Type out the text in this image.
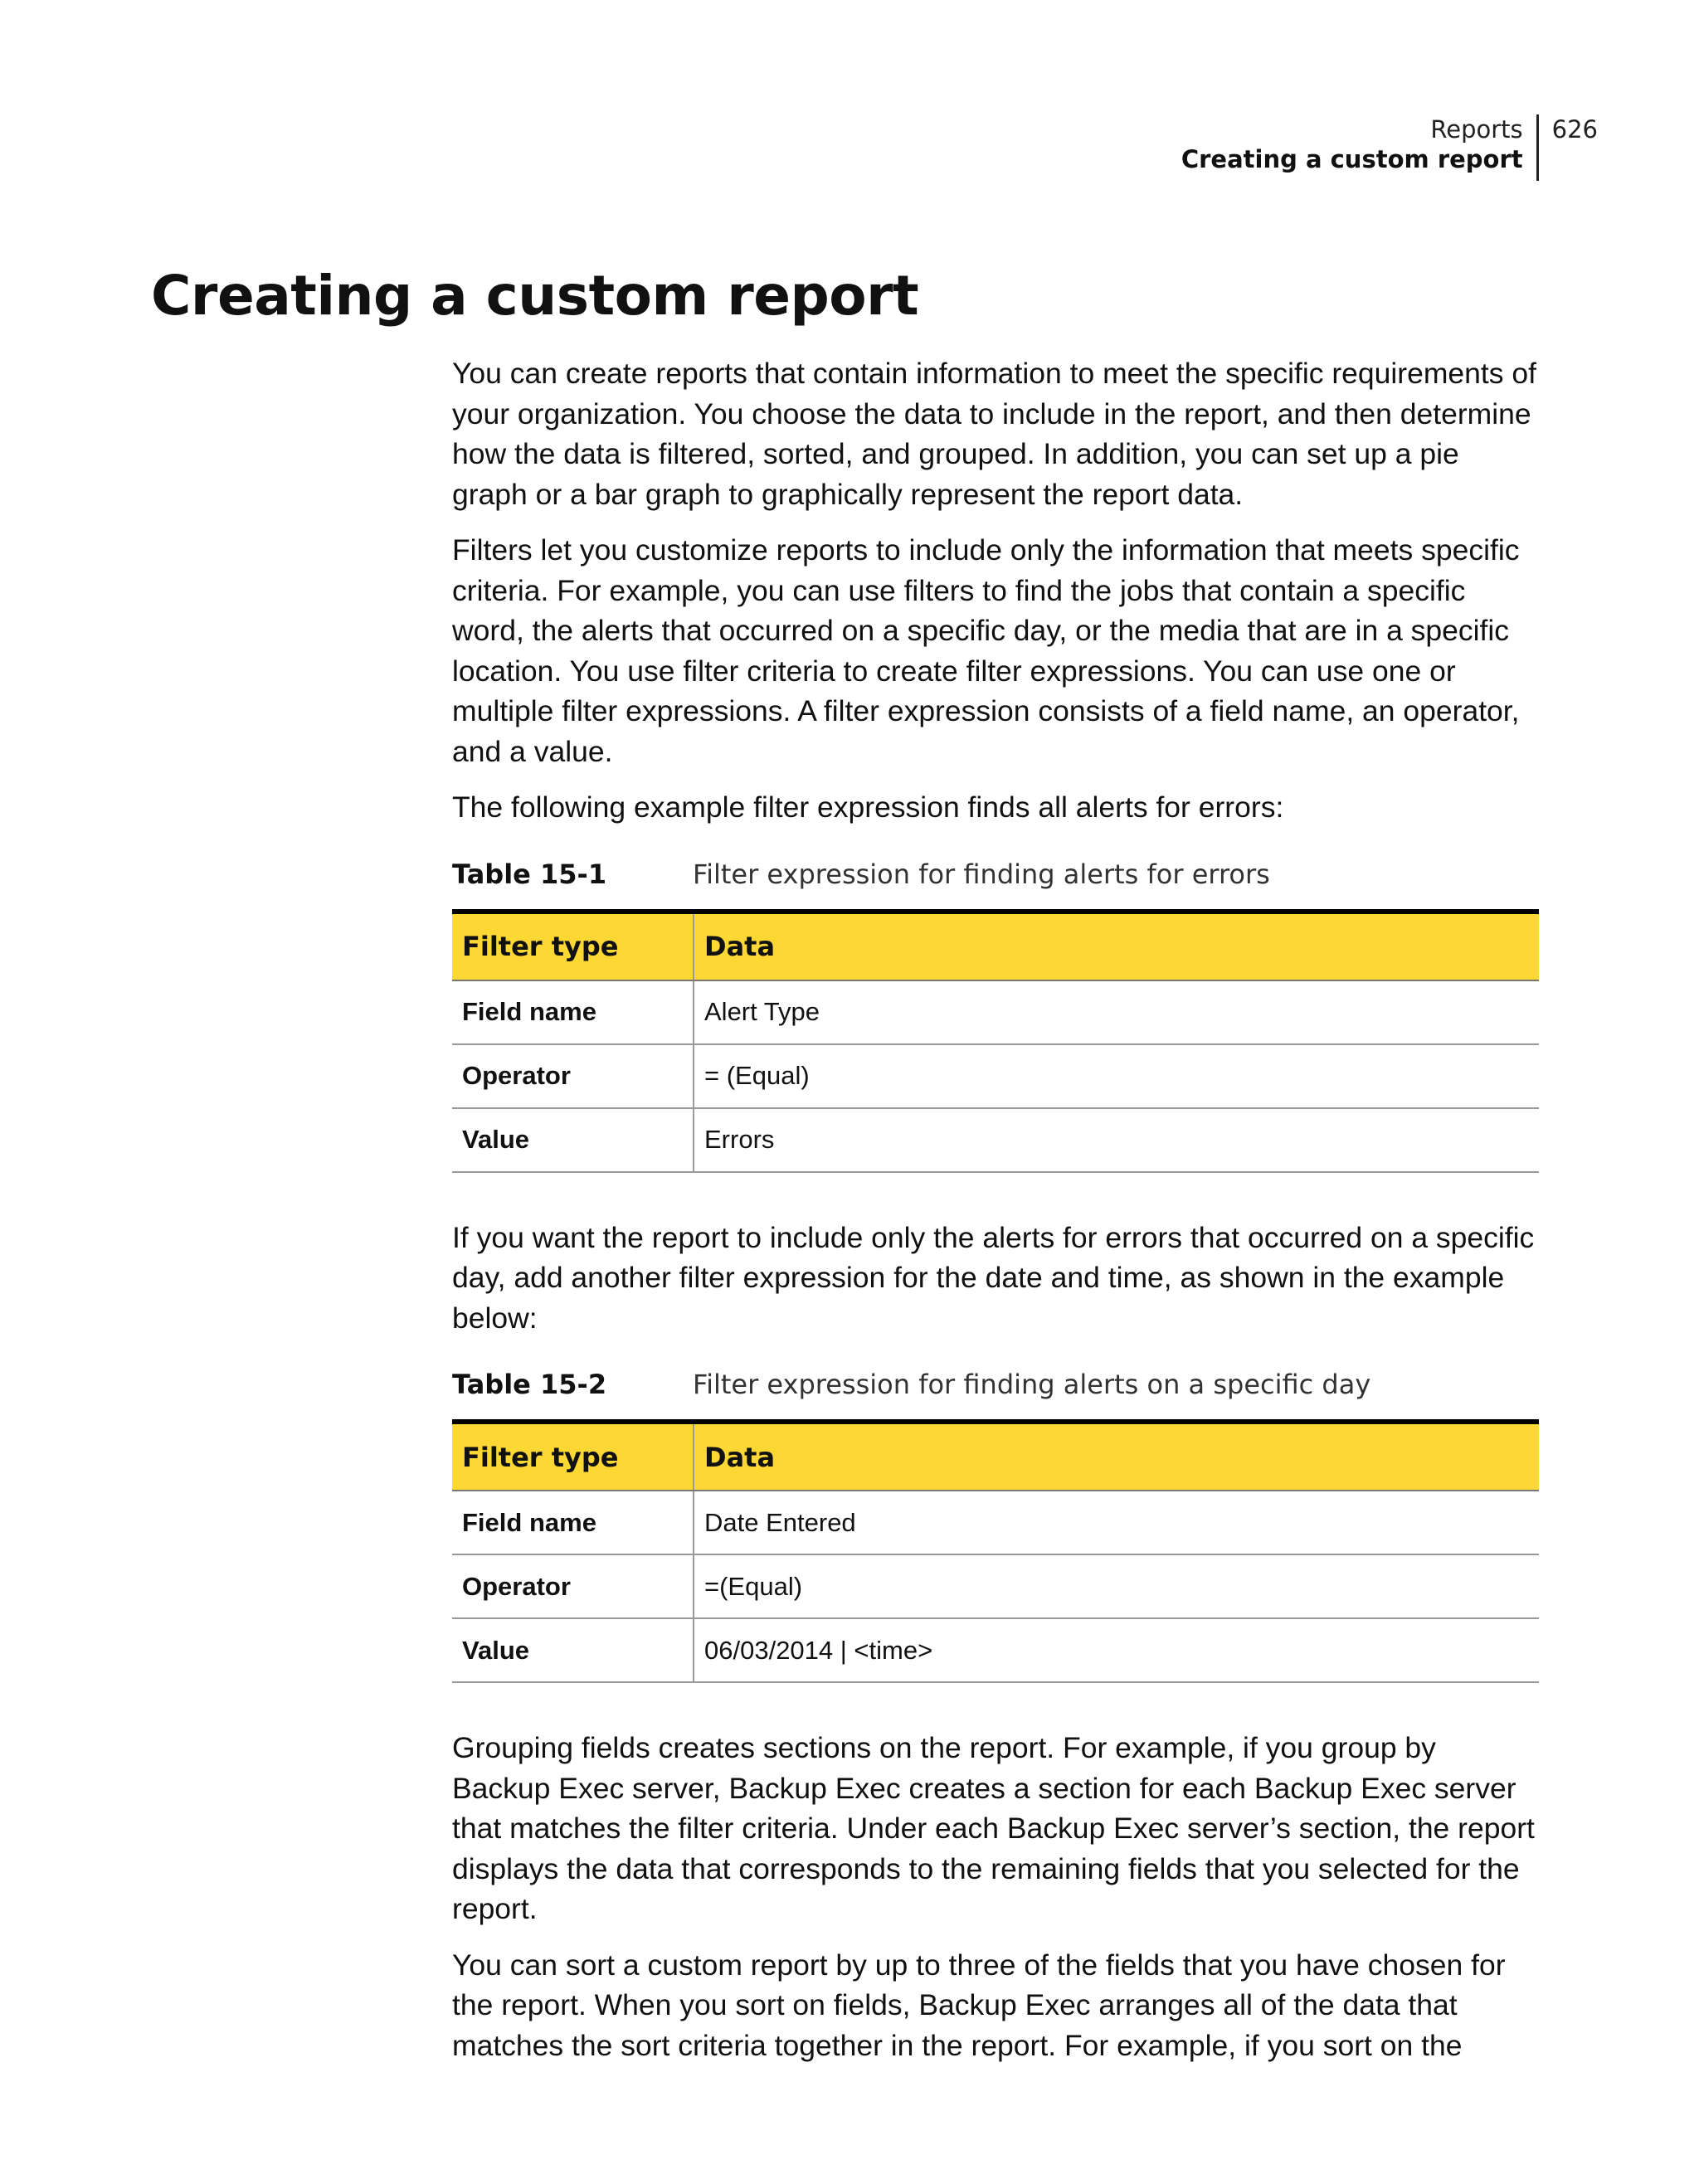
Reports
Creating a custom report
626
Creating a custom report

You can create reports that contain information to meet the specific requirements of your organization. You choose the data to include in the report, and then determine how the data is filtered, sorted, and grouped. In addition, you can set up a pie graph or a bar graph to graphically represent the report data.

Filters let you customize reports to include only the information that meets specific criteria. For example, you can use filters to find the jobs that contain a specific word, the alerts that occurred on a specific day, or the media that are in a specific location. You use filter criteria to create filter expressions. You can use one or multiple filter expressions. A filter expression consists of a field name, an operator, and a value.

The following example filter expression finds all alerts for errors:

Table 15-1	Filter expression for finding alerts for errors
Filter type	Data
Field name	Alert Type
Operator	= (Equal)
Value	Errors

If you want the report to include only the alerts for errors that occurred on a specific day, add another filter expression for the date and time, as shown in the example below:

Table 15-2	Filter expression for finding alerts on a specific day
Filter type	Data
Field name	Date Entered
Operator	=(Equal)
Value	06/03/2014 | <time>

Grouping fields creates sections on the report. For example, if you group by Backup Exec server, Backup Exec creates a section for each Backup Exec server that matches the filter criteria. Under each Backup Exec server’s section, the report displays the data that corresponds to the remaining fields that you selected for the report.

You can sort a custom report by up to three of the fields that you have chosen for the report. When you sort on fields, Backup Exec arranges all of the data that matches the sort criteria together in the report. For example, if you sort on the
